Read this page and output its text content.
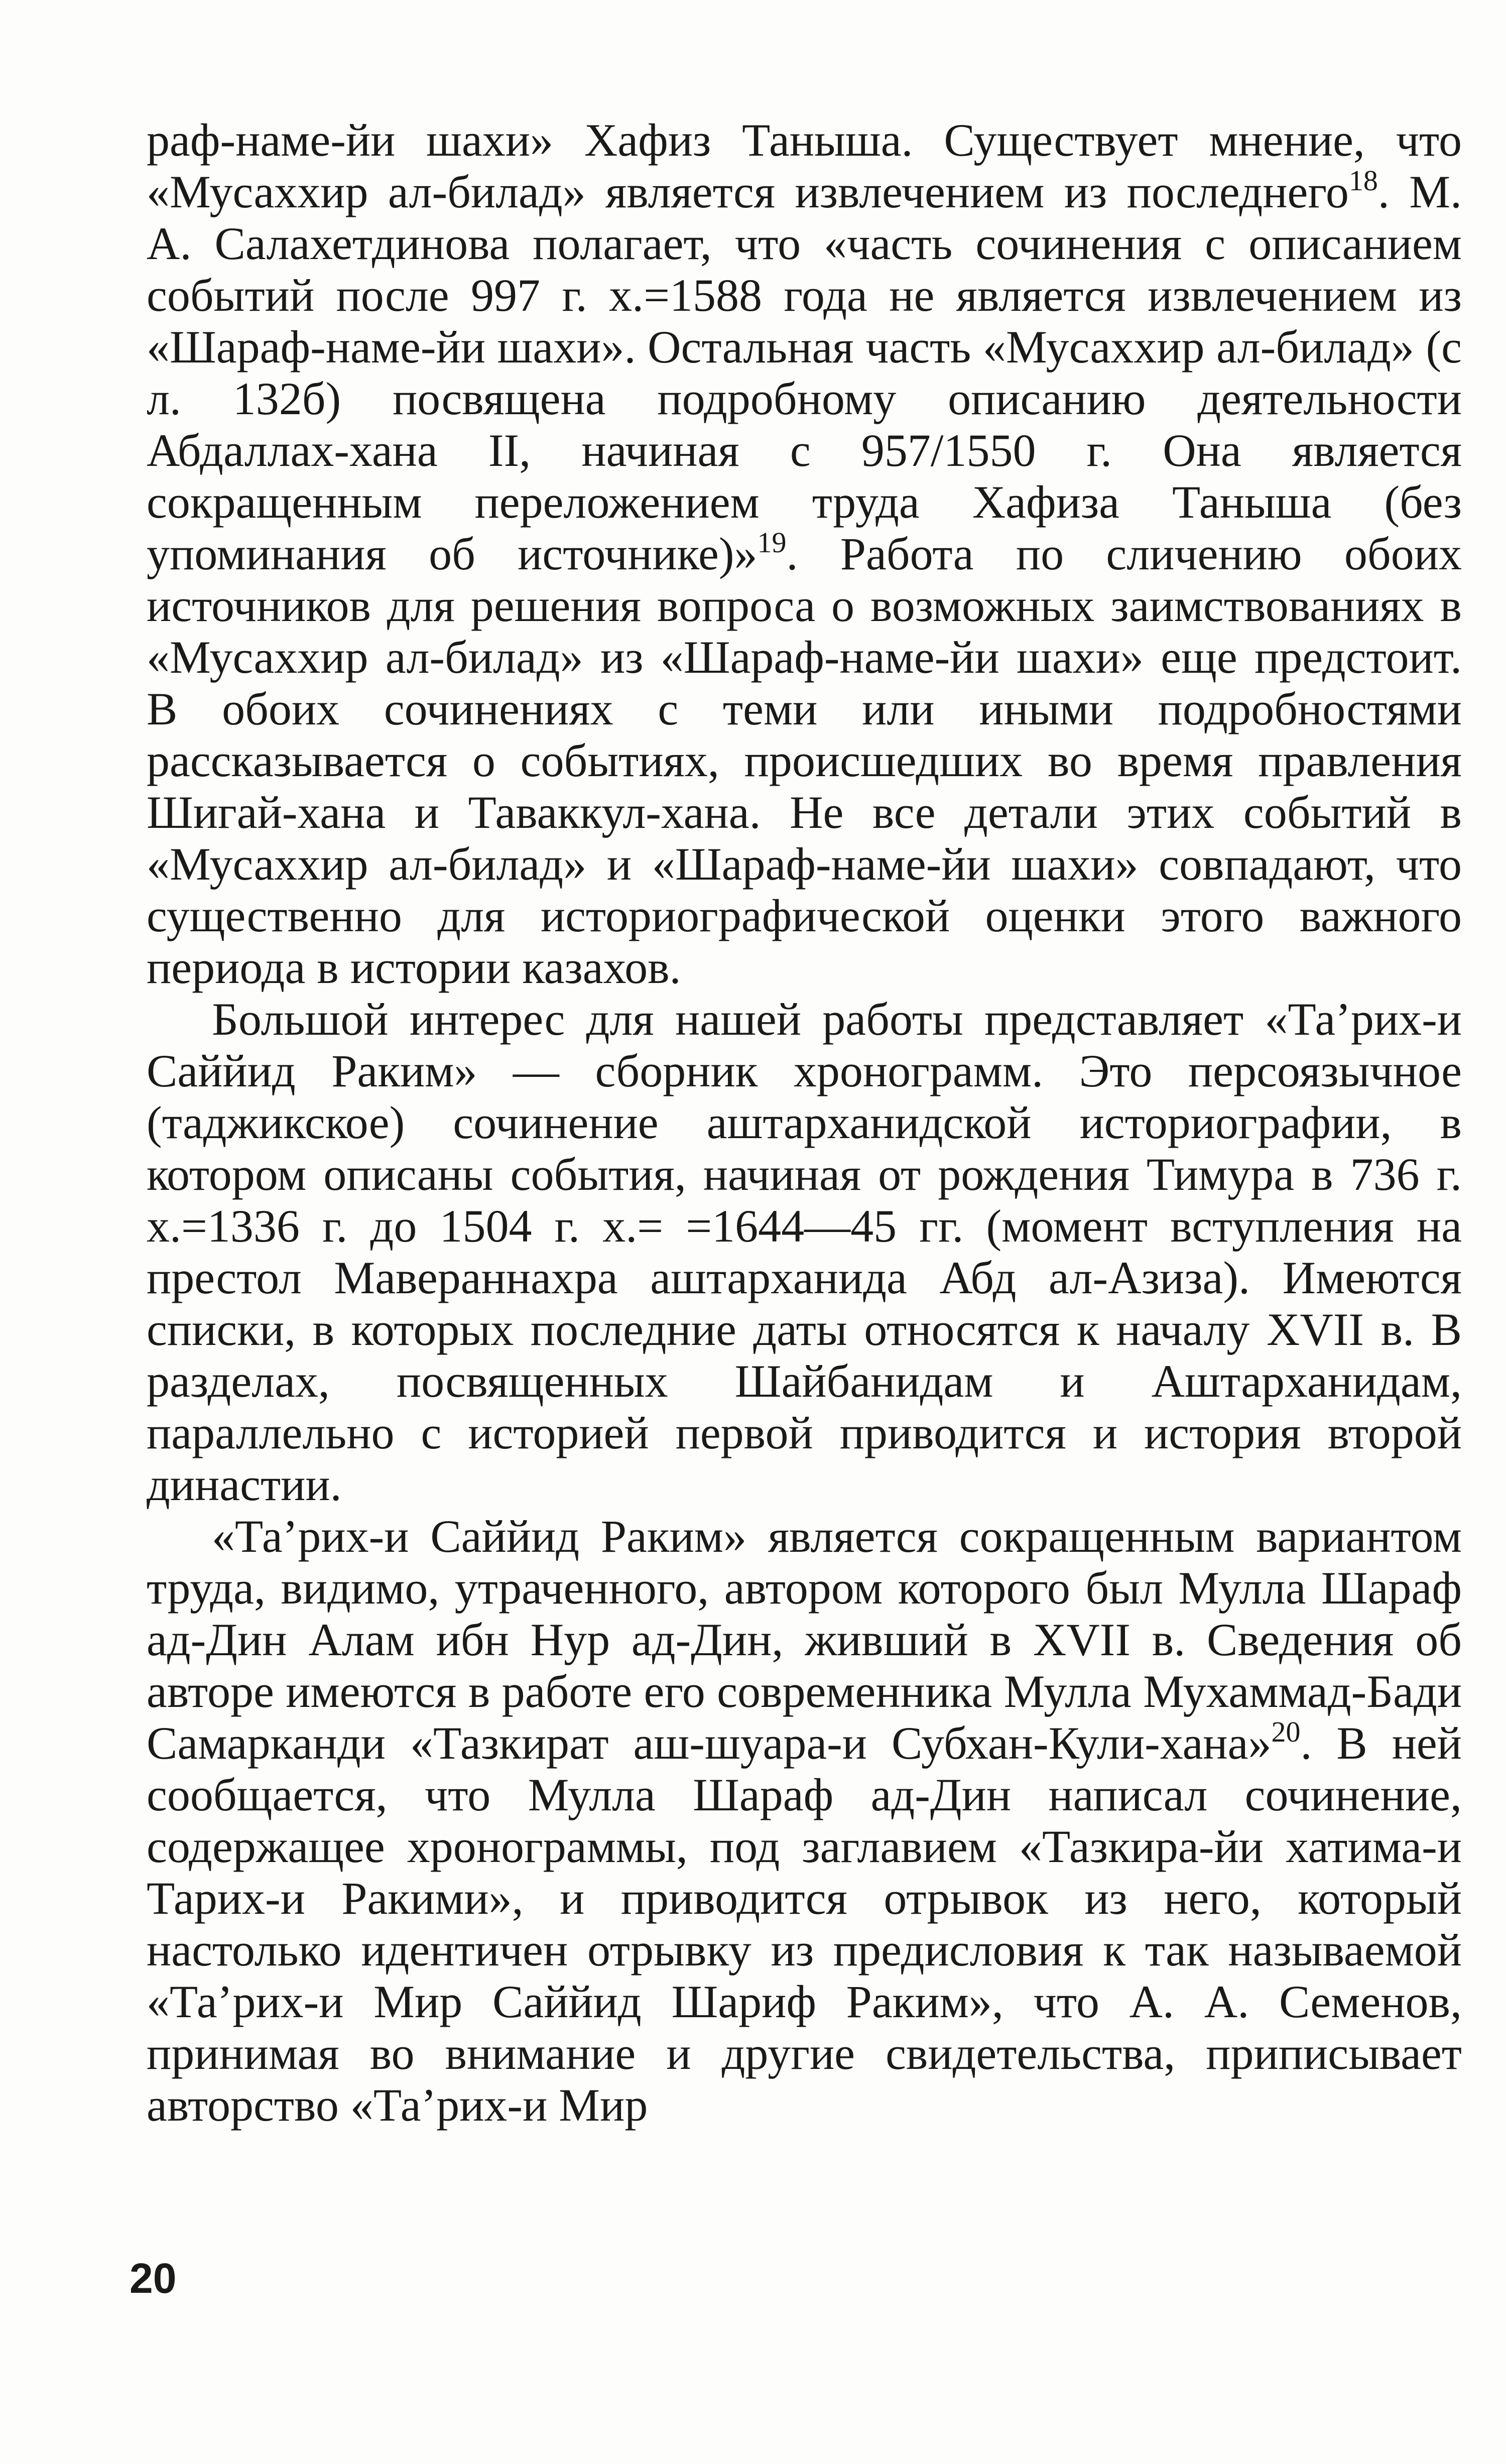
раф-наме-йи шахи» Хафиз Таныша. Существует мнение, что «Мусаххир ал-билад» является извлечением из последнего$^{18}$. М. А. Салахетдинова полагает, что «часть сочинения с описанием событий после 997 г. х.=1588 года не является извлечением из «Шараф-наме-йи шахи». Остальная часть «Мусаххир ал-билад» (с л. 132б) посвящена подробному описанию деятельности Абдаллах-хана II, начиная с 957/1550 г. Она является сокращенным переложением труда Хафиза Таныша (без упоминания об источнике)»$^{19}$. Работа по сличению обоих источников для решения вопроса о возможных заимствованиях в «Мусаххир ал-билад» из «Шараф-наме-йи шахи» еще предстоит. В обоих сочинениях с теми или иными подробностями рассказывается о событиях, происшедших во время правления Шигай-хана и Таваккул-хана. Не все детали этих событий в «Мусаххир ал-билад» и «Шараф-наме-йи шахи» совпадают, что существенно для историографической оценки этого важного периода в истории казахов.

Большой интерес для нашей работы представляет «Та’рих-и Саййид Раким» — сборник хронограмм. Это персоязычное (таджикское) сочинение аштарханидской историографии, в котором описаны события, начиная от рождения Тимура в 736 г. х.=1336 г. до 1504 г. х.= =1644—45 гг. (момент вступления на престол Мавераннахра аштарханида Абд ал-Азиза). Имеются списки, в которых последние даты относятся к началу XVII в. В разделах, посвященных Шайбанидам и Аштарханидам, параллельно с историей первой приводится и история второй династии.

«Та’рих-и Саййид Раким» является сокращенным вариантом труда, видимо, утраченного, автором которого был Мулла Шараф ад-Дин Алам ибн Нур ад-Дин, живший в XVII в. Сведения об авторе имеются в работе его современника Мулла Мухаммад-Бади Самарканди «Тазкират аш-шуара-и Субхан-Кули-хана»$^{20}$. В ней сообщается, что Мулла Шараф ад-Дин написал сочинение, содержащее хронограммы, под заглавием «Тазкира-йи хатима-и Тарих-и Ракими», и приводится отрывок из него, который настолько идентичен отрывку из предисловия к так называемой «Та’рих-и Мир Саййид Шариф Раким», что А. А. Семенов, принимая во внимание и другие свидетельства, приписывает авторство «Та’рих-и Мир

20
